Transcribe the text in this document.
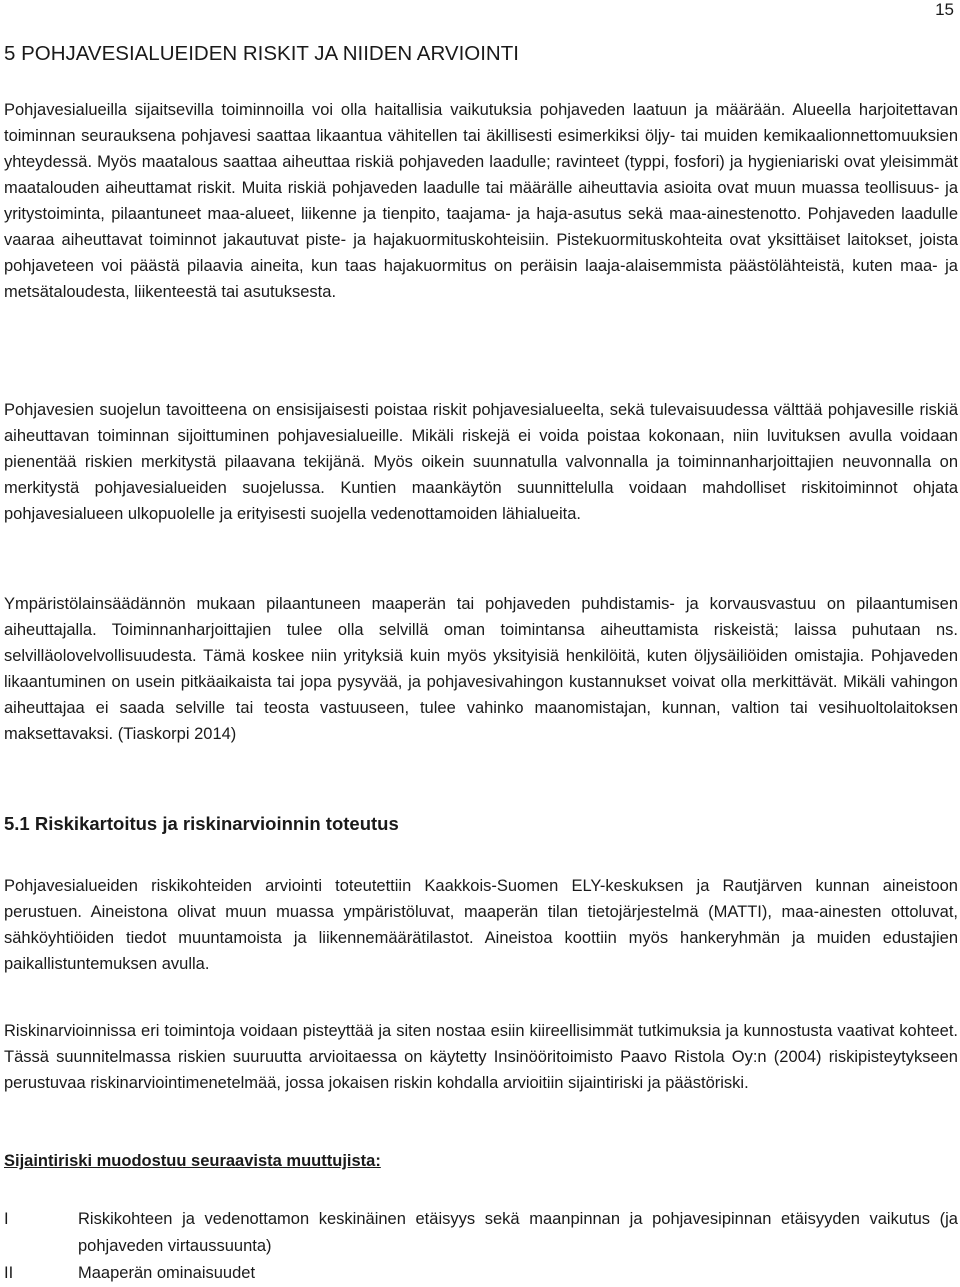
15
5 POHJAVESIALUEIDEN RISKIT JA NIIDEN ARVIOINTI

Pohjavesialueilla sijaitsevilla toiminnoilla voi olla haitallisia vaikutuksia pohjaveden laatuun ja määrään. Alueella harjoitettavan toiminnan seurauksena pohjavesi saattaa likaantua vähitellen tai äkillisesti esimerkiksi öljy- tai muiden kemikaalionnettomuuksien yhteydessä. Myös maatalous saattaa aiheuttaa riskiä pohjaveden laadulle; ravinteet (typpi, fosfori) ja hygieniariski ovat yleisimmät maatalouden aiheuttamat riskit. Muita riskiä pohjaveden laadulle tai määrälle aiheuttavia asioita ovat muun muassa teollisuus- ja yritystoiminta, pilaantuneet maa-alueet, liikenne ja tienpito, taajama- ja haja-asutus sekä maa-ainestenotto. Pohjaveden laadulle vaaraa aiheuttavat toiminnot jakautuvat piste- ja hajakuormituskohteisiin. Pistekuormituskohteita ovat yksittäiset laitokset, joista pohjaveteen voi päästä pilaavia aineita, kun taas hajakuormitus on peräisin laaja-alaisemmista päästölähteistä, kuten maa- ja metsätaloudesta, liikenteestä tai asutuksesta.

Pohjavesien suojelun tavoitteena on ensisijaisesti poistaa riskit pohjavesialueelta, sekä tulevaisuudessa välttää pohjavesille riskiä aiheuttavan toiminnan sijoittuminen pohjavesialueille. Mikäli riskejä ei voida poistaa kokonaan, niin luvituksen avulla voidaan pienentää riskien merkitystä pilaavana tekijänä. Myös oikein suunnatulla valvonnalla ja toiminnanharjoittajien neuvonnalla on merkitystä pohjavesialueiden suojelussa. Kuntien maankäytön suunnittelulla voidaan mahdolliset riskitoiminnot ohjata pohjavesialueen ulkopuolelle ja erityisesti suojella vedenottamoiden lähialueita.

Ympäristölainsäädännön mukaan pilaantuneen maaperän tai pohjaveden puhdistamis- ja korvausvastuu on pilaantumisen aiheuttajalla. Toiminnanharjoittajien tulee olla selvillä oman toimintansa aiheuttamista riskeistä; laissa puhutaan ns. selvilläolovelvollisuudesta. Tämä koskee niin yrityksiä kuin myös yksityisiä henkilöitä, kuten öljysäiliöiden omistajia. Pohjaveden likaantuminen on usein pitkäaikaista tai jopa pysyvää, ja pohjavesivahingon kustannukset voivat olla merkittävät. Mikäli vahingon aiheuttajaa ei saada selville tai teosta vastuuseen, tulee vahinko maanomistajan, kunnan, valtion tai vesihuoltolaitoksen maksettavaksi. (Tiaskorpi 2014)

5.1 Riskikartoitus ja riskinarvioinnin toteutus

Pohjavesialueiden riskikohteiden arviointi toteutettiin Kaakkois-Suomen ELY-keskuksen ja Rautjärven kunnan aineistoon perustuen. Aineistona olivat muun muassa ympäristöluvat, maaperän tilan tietojärjestelmä (MATTI), maa-ainesten ottoluvat, sähköyhtiöiden tiedot muuntamoista ja liikennemäärätilastot. Aineistoa koottiin myös hankeryhmän ja muiden edustajien paikallistuntemuksen avulla.

Riskinarvioinnissa eri toimintoja voidaan pisteyttää ja siten nostaa esiin kiireellisimmät tutkimuksia ja kunnostusta vaativat kohteet. Tässä suunnitelmassa riskien suuruutta arvioitaessa on käytetty Insinööritoimisto Paavo Ristola Oy:n (2004) riskipisteytykseen perustuvaa riskinarviointimenetelmää, jossa jokaisen riskin kohdalla arvioitiin sijaintiriski ja päästöriski.

Sijaintiriski muodostuu seuraavista muuttujista:
I	Riskikohteen ja vedenottamon keskinäinen etäisyys sekä maanpinnan ja pohjavesipinnan etäisyyden vaikutus (ja pohjaveden virtaussuunta)
II	Maaperän ominaisuudet
